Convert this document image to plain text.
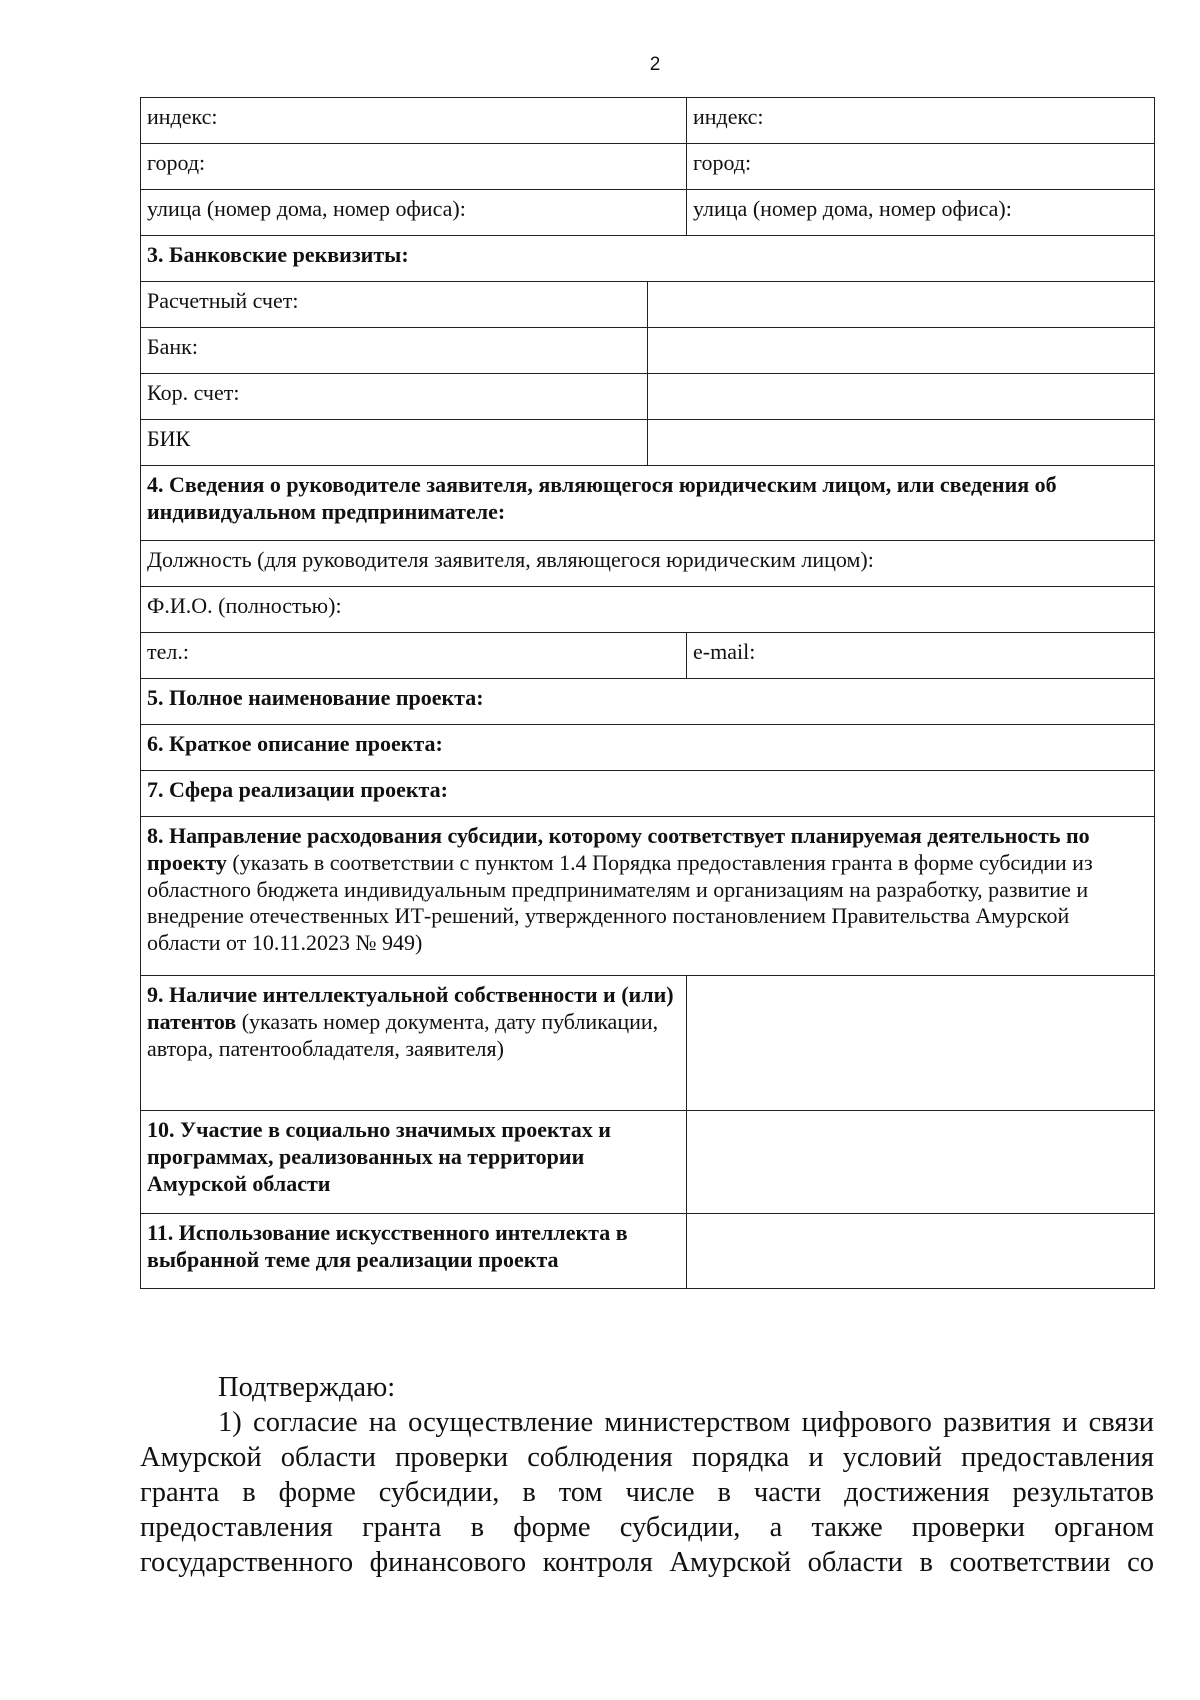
2
индекс:		индекс:
город:		город:
улица (номер дома, номер офиса):		улица (номер дома, номер офиса):
3. Банковские реквизиты:		
Расчетный счет:		
Банк:		
Кор. счет:		
БИК		
4. Сведения о руководителе заявителя, являющегося юридическим лицом, или сведения об индивидуальном предпринимателе:		
Должность (для руководителя заявителя, являющегося юридическим лицом):		
Ф.И.О. (полностью):		
тел.:		e-mail:
5. Полное наименование проекта:		
6. Краткое описание проекта:		
7. Сфера реализации проекта:		
8. Направление расходования субсидии, которому соответствует планируемая деятельность по проекту (указать в соответствии с пунктом 1.4 Порядка предоставления гранта в форме субсидии из областного бюджета индивидуальным предпринимателям и организациям на разработку, развитие и внедрение отечественных ИТ-решений, утвержденного постановлением Правительства Амурской области от 10.11.2023 № 949)		
9. Наличие интеллектуальной собственности и (или) патентов (указать номер документа, дату публикации, автора, патентообладателя, заявителя)		
10. Участие в социально значимых проектах и программах, реализованных на территории Амурской области		
11. Использование искусственного интеллекта в выбранной теме для реализации проекта		

Подтверждаю:

1) согласие на осуществление министерством цифрового развития и связи Амурской области проверки соблюдения порядка и условий предоставления гранта в форме субсидии, в том числе в части достижения результатов предоставления гранта в форме субсидии, а также проверки органом государственного финансового контроля Амурской области в соответствии со
